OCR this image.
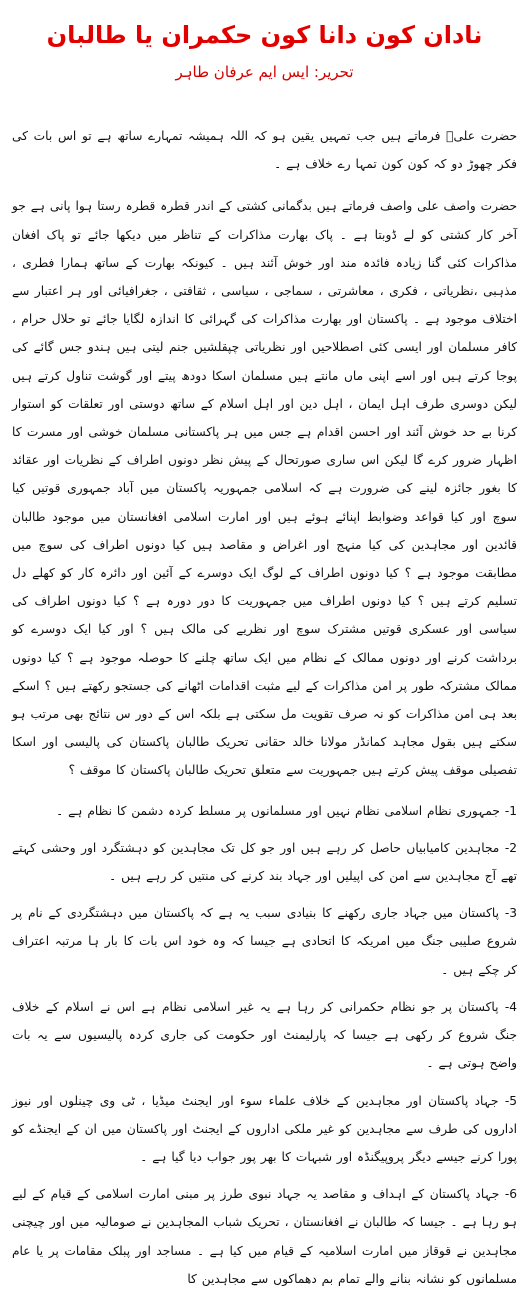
نادان کون دانا کون حکمران یا طالبان
تحریر: ایس ایم عرفان طاہر

حضرت علیؑ فرماتے ہیں جب تمہیں یقین ہو کہ اللہ ہمیشہ تمہارے ساتھ ہے تو اس بات کی فکر چھوڑ دو کہ کون کون تمہا رے خلاف ہے ۔

حضرت واصف علی واصف فرماتے ہیں بدگمانی کشتی کے اندر قطرہ قطرہ رستا ہوا پانی ہے جو آخر کار کشتی کو لے ڈوبتا ہے ۔ پاک بھارت مذاکرات کے تناظر میں دیکھا جائے تو پاک افغان مذاکرات کئی گنا زیادہ فائدہ مند اور خوش آئند ہیں ۔ کیونکہ بھارت کے ساتھ ہمارا فطری ، مذہبی ،نظریاتی ، فکری ، معاشرتی ، سماجی ، سیاسی ، ثقافتی ، جغرافیائی اور ہر اعتبار سے اختلاف موجود ہے ۔ پاکستان اور بھارت مذاکرات کی گہرائی کا اندازہ لگایا جائے تو حلال حرام ، کافر مسلمان اور ایسی کئی اصطلاحیں اور نظریاتی چپقلشیں جنم لیتی ہیں ہندو جس گائے کی پوجا کرتے ہیں اور اسے اپنی ماں مانتے ہیں مسلمان اسکا دودھ پیتے اور گوشت تناول کرتے ہیں لیکن دوسری طرف اہل ایمان ، اہل دین اور اہل اسلام کے ساتھ دوستی اور تعلقات کو استوار کرنا بے حد خوش آئند اور احسن اقدام ہے جس میں ہر پاکستانی مسلمان خوشی اور مسرت کا اظہار ضرور کرے گا لیکن اس ساری صورتحال کے پیش نظر دونوں اطراف کے نظریات اور عقائد کا بغور جائزہ لینے کی ضرورت ہے کہ اسلامی جمہوریہ پاکستان میں آباد جمہوری قوتیں کیا سوچ اور کیا قواعد وضوابط اپنائے ہوئے ہیں اور امارت اسلامی افغانستان میں موجود طالبان قائدین اور مجاہدین کی کیا منہج اور اغراض و مقاصد ہیں کیا دونوں اطراف کی سوچ میں مطابقت موجود ہے ؟ کیا دونوں اطراف کے لوگ ایک دوسرے کے آئین اور دائرہ کار کو کھلے دل تسلیم کرتے ہیں ؟ کیا دونوں اطراف میں جمہوریت کا دور دورہ ہے ؟ کیا دونوں اطراف کی سیاسی اور عسکری قوتیں مشترک سوچ اور نظریے کی مالک ہیں ؟ اور کیا ایک دوسرے کو برداشت کرنے اور دونوں ممالک کے نظام میں ایک ساتھ چلنے کا حوصلہ موجود ہے ؟ کیا دونوں ممالک مشترکہ طور پر امن مذاکرات کے لیے مثبت اقدامات اٹھانے کی جستجو رکھتے ہیں ؟ اسکے بعد ہی امن مذاکرات کو نہ صرف تقویت مل سکتی ہے بلکہ اس کے دور س نتائج بھی مرتب ہو سکتے ہیں بقول مجاہد کمانڈر مولانا خالد حقانی تحریک طالبان پاکستان کی پالیسی اور اسکا تفصیلی موقف پیش کرتے ہیں جمہوریت سے متعلق تحریک طالبان پاکستان کا موقف ؟

1- جمہوری نظام اسلامی نظام نہیں اور مسلمانوں پر مسلط کردہ دشمن کا نظام ہے ۔
2- مجاہدین کامیابیاں حاصل کر رہے ہیں اور جو کل تک مجاہدین کو دہشتگرد اور وحشی کہتے تھے آج مجاہدین سے امن کی اپیلیں اور جہاد بند کرنے کی منتیں کر رہے ہیں ۔
3- پاکستان میں جہاد جاری رکھنے کا بنیادی سبب یہ ہے کہ پاکستان میں دہشتگردی کے نام پر شروع صلیبی جنگ میں امریکہ کا اتحادی ہے جیسا کہ وہ خود اس بات کا بار ہا مرتبہ اعتراف کر چکے ہیں ۔
4- پاکستان پر جو نظام حکمرانی کر رہا ہے یہ غیر اسلامی نظام ہے اس نے اسلام کے خلاف جنگ شروع کر رکھی ہے جیسا کہ پارلیمنٹ اور حکومت کی جاری کردہ پالیسیوں سے یہ بات واضح ہوتی ہے ۔
5- جہاد پاکستان اور مجاہدین کے خلاف علماء سوء اور ایجنٹ میڈیا ، ٹی وی چینلوں اور نیوز اداروں کی طرف سے مجاہدین کو غیر ملکی اداروں کے ایجنٹ اور پاکستان میں ان کے ایجنڈے کو پورا کرنے جیسے دیگر پروپیگنڈہ اور شبہات کا بھر پور جواب دیا گیا ہے ۔
6- جہاد پاکستان کے اہداف و مقاصد یہ جہاد نبوی طرز پر مبنی امارت اسلامی کے قیام کے لیے ہو رہا ہے ۔ جیسا کہ طالبان نے افغانستان ، تحریک شباب المجاہدین نے صومالیہ میں اور چیچنی مجاہدین نے قوقاز میں امارت اسلامیہ کے قیام میں کیا ہے ۔ مساجد اور پبلک مقامات پر یا عام مسلمانوں کو نشانہ بنانے والے تمام بم دھماکوں سے مجاہدین کا
